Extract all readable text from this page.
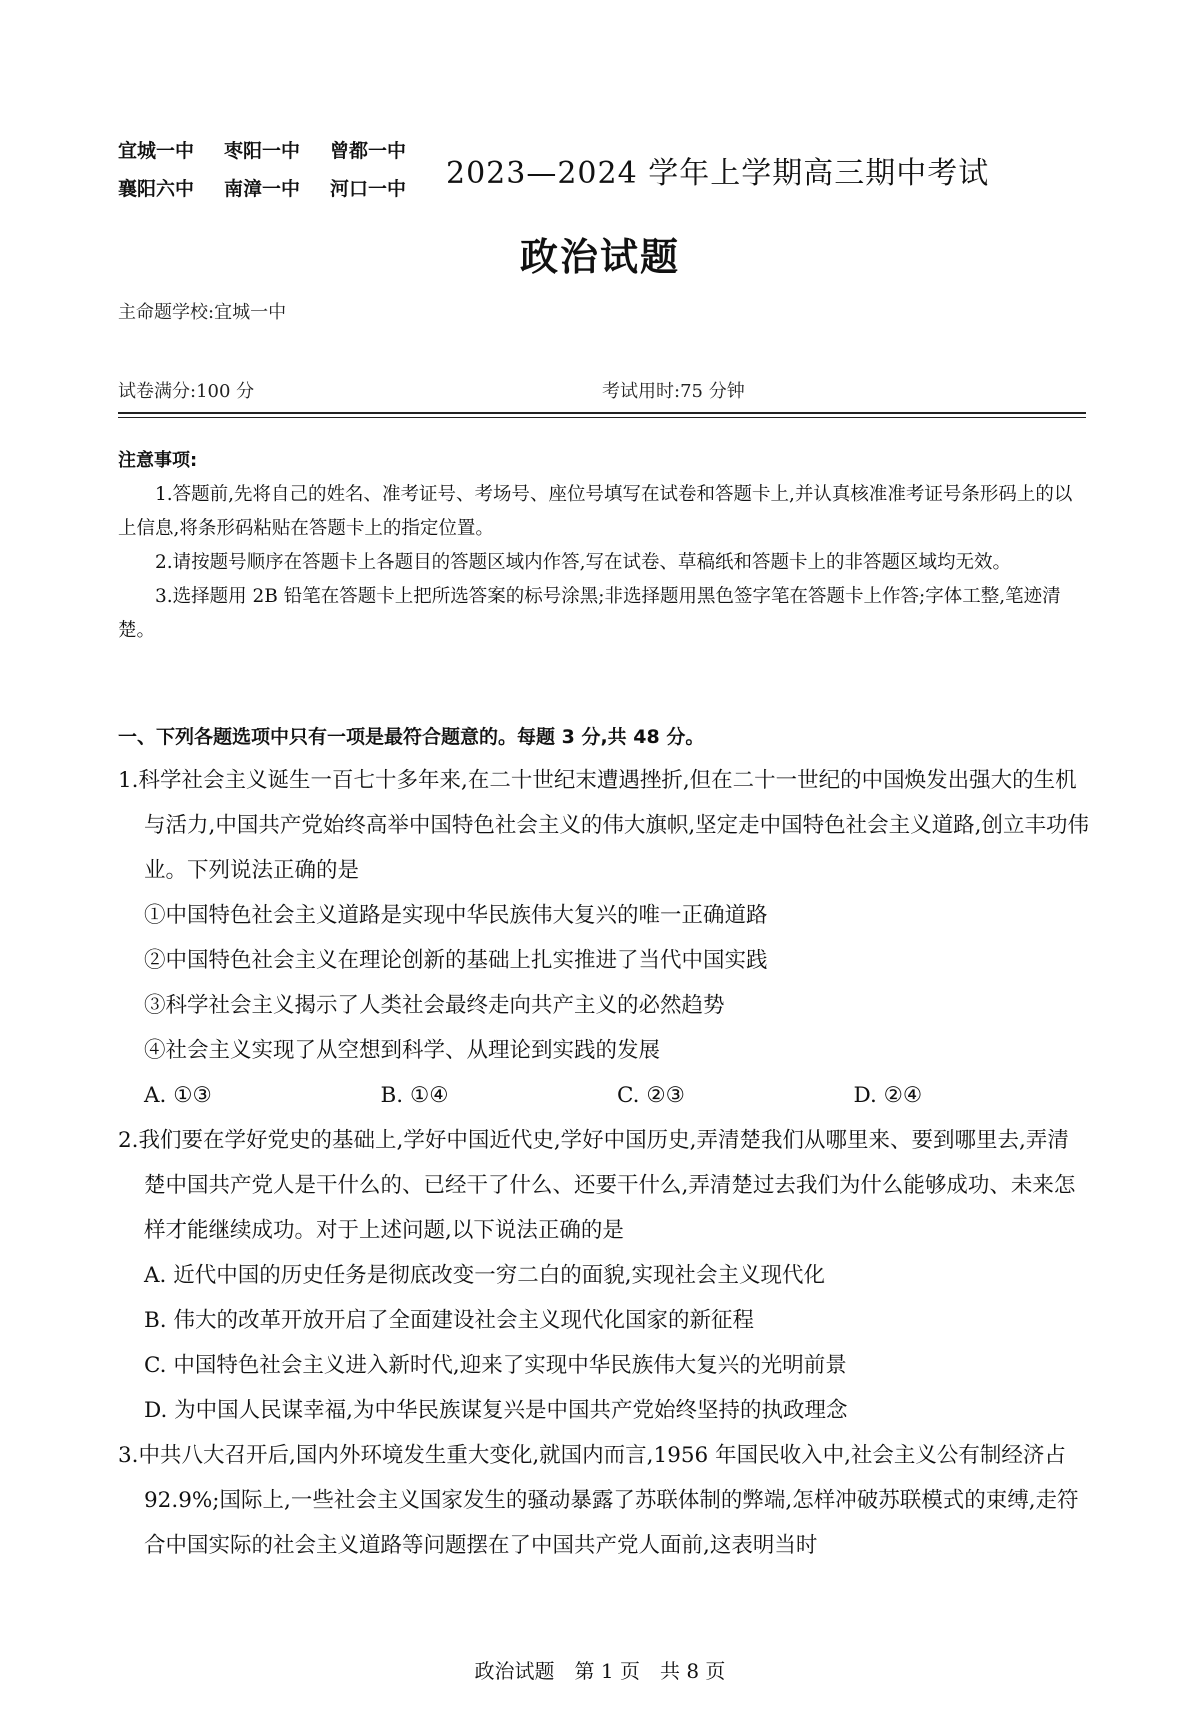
宜城一中 枣阳一中 曾都一中
襄阳六中 南漳一中 河口一中	2023—2024 学年上学期高三期中考试
政治试题
主命题学校:宜城一中
试卷满分:100 分	考试用时:75 分钟
注意事项:

1.答题前,先将自己的姓名、准考证号、考场号、座位号填写在试卷和答题卡上,并认真核准准考证号条形码上的以上信息,将条形码粘贴在答题卡上的指定位置。

2.请按题号顺序在答题卡上各题目的答题区域内作答,写在试卷、草稿纸和答题卡上的非答题区域均无效。

3.选择题用 2B 铅笔在答题卡上把所选答案的标号涂黑;非选择题用黑色签字笔在答题卡上作答;字体工整,笔迹清楚。

一、下列各题选项中只有一项是最符合题意的。每题 3 分,共 48 分。
1.科学社会主义诞生一百七十多年来,在二十世纪末遭遇挫折,但在二十一世纪的中国焕发出强大的生机与活力,中国共产党始终高举中国特色社会主义的伟大旗帜,坚定走中国特色社会主义道路,创立丰功伟业。下列说法正确的是
①中国特色社会主义道路是实现中华民族伟大复兴的唯一正确道路
②中国特色社会主义在理论创新的基础上扎实推进了当代中国实践
③科学社会主义揭示了人类社会最终走向共产主义的必然趋势
④社会主义实现了从空想到科学、从理论到实践的发展
A. ①③	B. ①④	C. ②③	D. ②④
2.我们要在学好党史的基础上,学好中国近代史,学好中国历史,弄清楚我们从哪里来、要到哪里去,弄清楚中国共产党人是干什么的、已经干了什么、还要干什么,弄清楚过去我们为什么能够成功、未来怎样才能继续成功。对于上述问题,以下说法正确的是
A. 近代中国的历史任务是彻底改变一穷二白的面貌,实现社会主义现代化
B. 伟大的改革开放开启了全面建设社会主义现代化国家的新征程
C. 中国特色社会主义进入新时代,迎来了实现中华民族伟大复兴的光明前景
D. 为中国人民谋幸福,为中华民族谋复兴是中国共产党始终坚持的执政理念
3.中共八大召开后,国内外环境发生重大变化,就国内而言,1956 年国民收入中,社会主义公有制经济占 92.9%;国际上,一些社会主义国家发生的骚动暴露了苏联体制的弊端,怎样冲破苏联模式的束缚,走符合中国实际的社会主义道路等问题摆在了中国共产党人面前,这表明当时
政治试题　第 1 页　共 8 页
